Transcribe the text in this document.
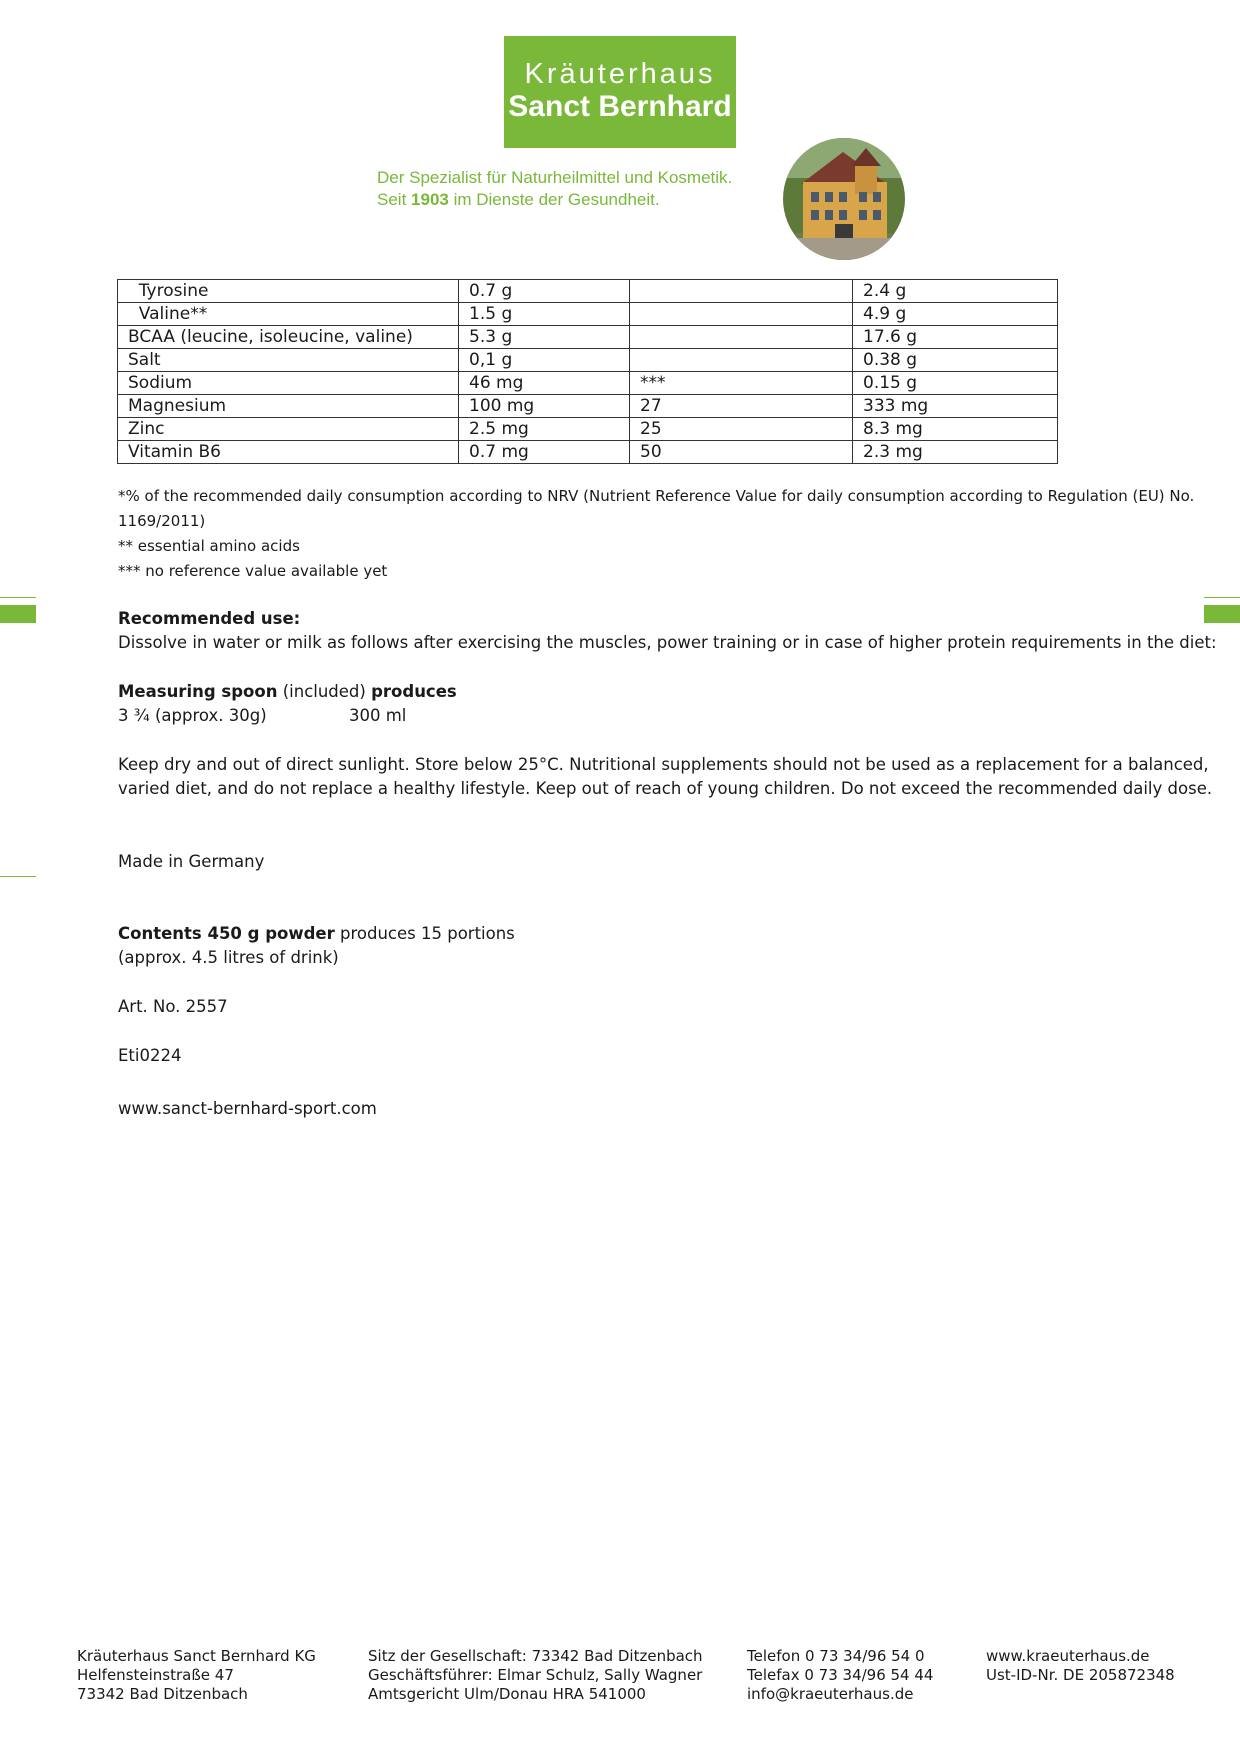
Kräuterhaus
Sanct Bernhard
Der Spezialist für Naturheilmittel und Kosmetik.
Seit 1903 im Dienste der Gesundheit.
Tyrosine	0.7 g		2.4 g
Valine**	1.5 g		4.9 g
BCAA (leucine, isoleucine, valine)	5.3 g		17.6 g
Salt	0,1 g		0.38 g
Sodium	46 mg	***	0.15 g
Magnesium	100 mg	27	333 mg
Zinc	2.5 mg	25	8.3 mg
Vitamin B6	0.7 mg	50	2.3 mg
*% of the recommended daily consumption according to NRV (Nutrient Reference Value for daily consumption according to Regulation (EU) No.
1169/2011)
** essential amino acids
*** no reference value available yet
Recommended use:
Dissolve in water or milk as follows after exercising the muscles, power training or in case of higher protein requirements in the diet:
Measuring spoon (included) produces
3 ¾ (approx. 30g)	300 ml
Keep dry and out of direct sunlight. Store below 25°C. Nutritional supplements should not be used as a replacement for a balanced,
varied diet, and do not replace a healthy lifestyle. Keep out of reach of young children. Do not exceed the recommended daily dose.
Made in Germany
Contents 450 g powder produces 15 portions
(approx. 4.5 litres of drink)
Art. No. 2557
Eti0224
www.sanct-bernhard-sport.com
Kräuterhaus Sanct Bernhard KG
Helfensteinstraße 47
73342 Bad Ditzenbach
Sitz der Gesellschaft: 73342 Bad Ditzenbach
Geschäftsführer: Elmar Schulz, Sally Wagner
Amtsgericht Ulm/Donau HRA 541000
Telefon 0 73 34/96 54 0
Telefax 0 73 34/96 54 44
info@kraeuterhaus.de
www.kraeuterhaus.de
Ust-ID-Nr. DE 205872348
